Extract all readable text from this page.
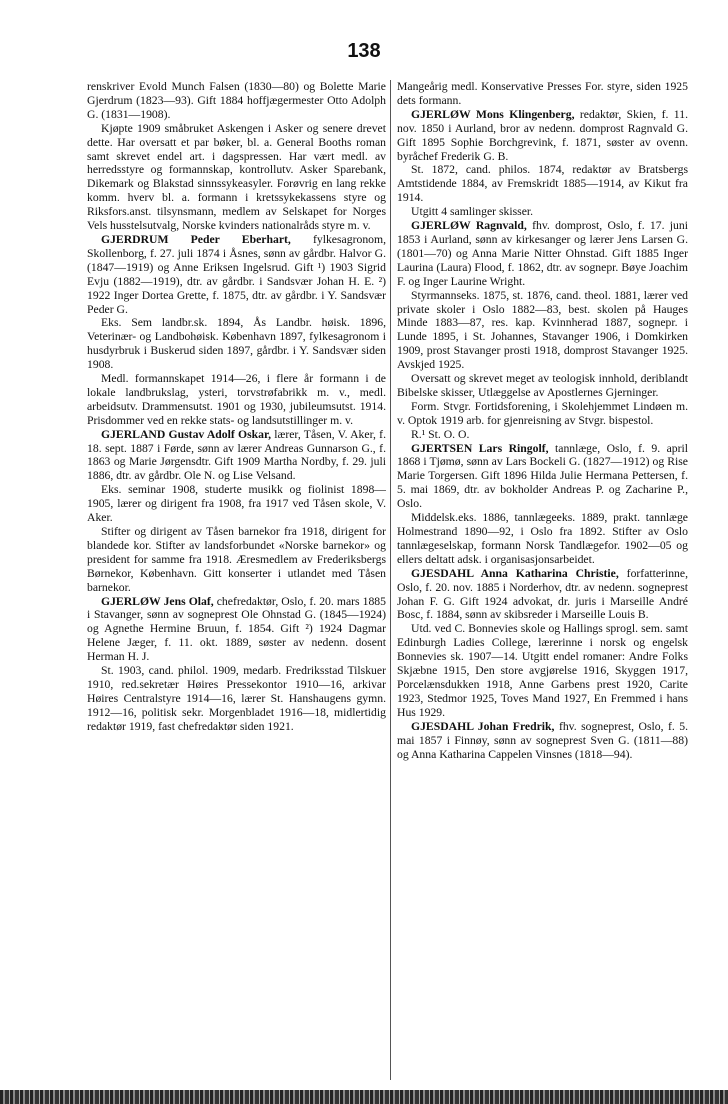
138

renskriver Evold Munch Falsen (1830—80) og Bolette Marie Gjerdrum (1823—93). Gift 1884 hoffjægermester Otto Adolph G. (1831—1908).

Kjøpte 1909 småbruket Askengen i Asker og senere drevet dette. Har oversatt et par bøker, bl. a. General Booths roman samt skrevet endel art. i dagspressen. Har vært medl. av herredsstyre og formannskap, kontrollutv. Asker Sparebank, Dikemark og Blakstad sinnssykeasyler. Forøvrig en lang rekke komm. hverv bl. a. formann i kretssykekassens styre og Riksfors.anst. tilsynsmann, medlem av Selskapet for Norges Vels husstelsutvalg, Norske kvinders nationalråds styre m. v.

GJERDRUM Peder Eberhart, fylkesagronom, Skollenborg, f. 27. juli 1874 i Åsnes, sønn av gårdbr. Halvor G. (1847—1919) og Anne Eriksen Ingelsrud. Gift ¹) 1903 Sigrid Evju (1882—1919), dtr. av gårdbr. i Sandsvær Johan H. E. ²) 1922 Inger Dortea Grette, f. 1875, dtr. av gårdbr. i Y. Sandsvær Peder G.

Eks. Sem landbr.sk. 1894, Ås Landbr. høisk. 1896, Veterinær- og Landbohøisk. København 1897, fylkesagronom i husdyrbruk i Buskerud siden 1897, gårdbr. i Y. Sandsvær siden 1908.

Medl. formannskapet 1914—26, i flere år formann i de lokale landbrukslag, ysteri, torvstrøfabrikk m. v., medl. arbeidsutv. Drammensutst. 1901 og 1930, jubileumsutst. 1914. Prisdommer ved en rekke stats- og landsutstillinger m. v.

GJERLAND Gustav Adolf Oskar, lærer, Tåsen, V. Aker, f. 18. sept. 1887 i Førde, sønn av lærer Andreas Gunnarson G., f. 1863 og Marie Jørgensdtr. Gift 1909 Martha Nordby, f. 29. juli 1886, dtr. av gårdbr. Ole N. og Lise Velsand.

Eks. seminar 1908, studerte musikk og fiolinist 1898—1905, lærer og dirigent fra 1908, fra 1917 ved Tåsen skole, V. Aker.

Stifter og dirigent av Tåsen barnekor fra 1918, dirigent for blandede kor. Stifter av landsforbundet «Norske barnekor» og president for samme fra 1918. Æresmedlem av Frederiksbergs Børnekor, København. Gitt konserter i utlandet med Tåsen barnekor.

GJERLØW Jens Olaf, chefredaktør, Oslo, f. 20. mars 1885 i Stavanger, sønn av sogneprest Ole Ohnstad G. (1845—1924) og Agnethe Hermine Bruun, f. 1854. Gift ²) 1924 Dagmar Helene Jæger, f. 11. okt. 1889, søster av nedenn. dosent Herman H. J.

St. 1903, cand. philol. 1909, medarb. Fredriksstad Tilskuer 1910, red.sekretær Høires Pressekontor 1910—16, arkivar Høires Centralstyre 1914—16, lærer St. Hanshaugens gymn. 1912—16, politisk sekr. Morgenbladet 1916—18, midlertidig redaktør 1919, fast chefredaktør siden 1921.

Mangeårig medl. Konservative Presses For. styre, siden 1925 dets formann.

GJERLØW Mons Klingenberg, redaktør, Skien, f. 11. nov. 1850 i Aurland, bror av nedenn. domprost Ragnvald G. Gift 1895 Sophie Borchgrevink, f. 1871, søster av ovenn. byråchef Frederik G. B.

St. 1872, cand. philos. 1874, redaktør av Bratsbergs Amtstidende 1884, av Fremskridt 1885—1914, av Kikut fra 1914.

Utgitt 4 samlinger skisser.

GJERLØW Ragnvald, fhv. domprost, Oslo, f. 17. juni 1853 i Aurland, sønn av kirkesanger og lærer Jens Larsen G. (1801—70) og Anna Marie Nitter Ohnstad. Gift 1885 Inger Laurina (Laura) Flood, f. 1862, dtr. av sognepr. Bøye Joachim F. og Inger Laurine Wright.

Styrmannseks. 1875, st. 1876, cand. theol. 1881, lærer ved private skoler i Oslo 1882—83, best. skolen på Hauges Minde 1883—87, res. kap. Kvinnherad 1887, sognepr. i Lunde 1895, i St. Johannes, Stavanger 1906, i Domkirken 1909, prost Stavanger prosti 1918, domprost Stavanger 1925. Avskjed 1925.

Oversatt og skrevet meget av teologisk innhold, deriblandt Bibelske skisser, Utlæggelse av Apostlernes Gjerninger.

Form. Stvgr. Fortidsforening, i Skolehjemmet Lindøen m. v. Optok 1919 arb. for gjenreisning av Stvgr. bispestol.

R.¹ St. O. O.

GJERTSEN Lars Ringolf, tannlæge, Oslo, f. 9. april 1868 i Tjømø, sønn av Lars Bockeli G. (1827—1912) og Rise Marie Torgersen. Gift 1896 Hilda Julie Hermana Pettersen, f. 5. mai 1869, dtr. av bokholder Andreas P. og Zacharine P., Oslo.

Middelsk.eks. 1886, tannlægeeks. 1889, prakt. tannlæge Holmestrand 1890—92, i Oslo fra 1892. Stifter av Oslo tannlægeselskap, formann Norsk Tandlægefor. 1902—05 og ellers deltatt adsk. i organisasjonsarbeidet.

GJESDAHL Anna Katharina Christie, forfatterinne, Oslo, f. 20. nov. 1885 i Norderhov, dtr. av nedenn. sogneprest Johan F. G. Gift 1924 advokat, dr. juris i Marseille André Bosc, f. 1884, sønn av skibsreder i Marseille Louis B.

Utd. ved C. Bonnevies skole og Hallings sprogl. sem. samt Edinburgh Ladies College, lærerinne i norsk og engelsk Bonnevies sk. 1907—14. Utgitt endel romaner: Andre Folks Skjæbne 1915, Den store avgjørelse 1916, Skyggen 1917, Porcelænsdukken 1918, Anne Garbens prest 1920, Carite 1923, Stedmor 1925, Toves Mand 1927, En Fremmed i hans Hus 1929.

GJESDAHL Johan Fredrik, fhv. sogneprest, Oslo, f. 5. mai 1857 i Finnøy, sønn av sogneprest Sven G. (1811—88) og Anna Katharina Cappelen Vinsnes (1818—94).
